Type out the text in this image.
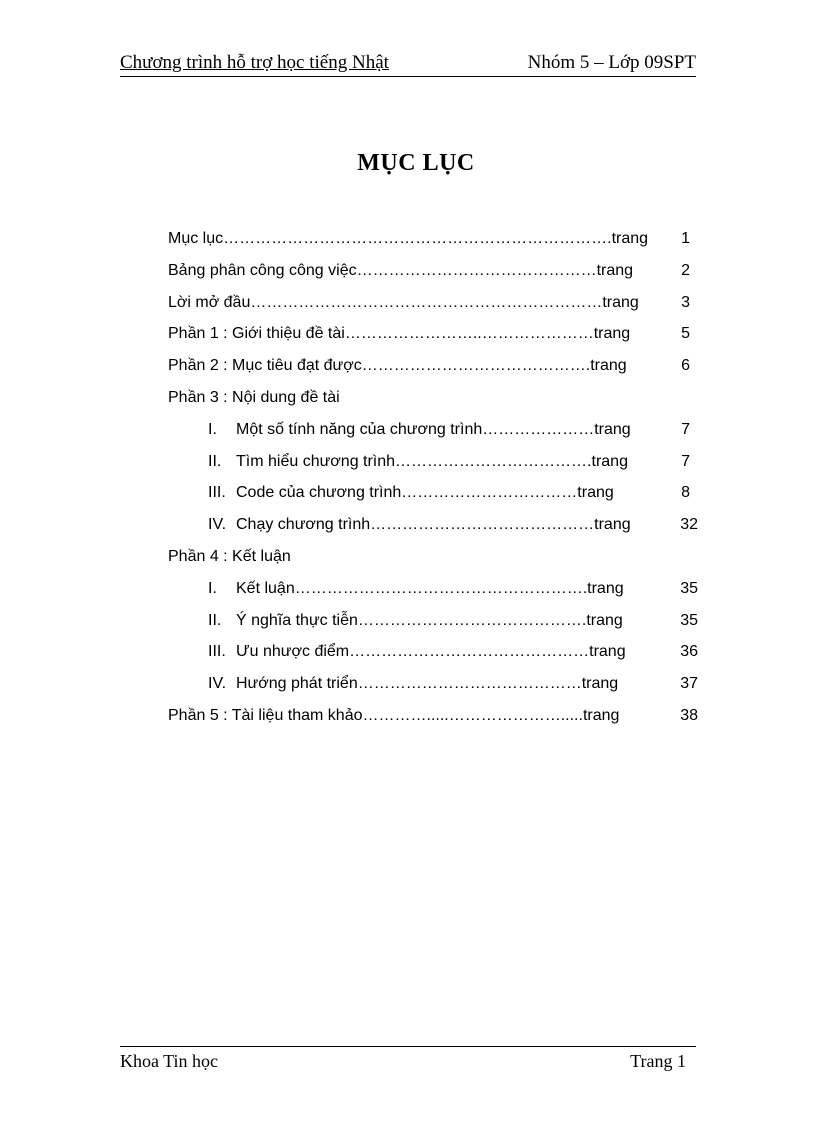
Chương trình hỗ trợ học tiếng Nhật	Nhóm 5 – Lớp 09SPT
MỤC LỤC
Mục lục……………………………………………………………….trang	1
Bảng phân công công việc………………………………………trang	2
Lời mở đầu…………………………………………………………trang	3
Phần 1 : Giới thiệu đề tài……………………..…………………trang	5
Phần 2 : Mục tiêu đạt được…………………………………….trang	6
Phần 3 : Nội dung đề tài
I. Một số tính năng của chương trình…………………trang	7
II. Tìm hiểu chương trình……………………………….trang	7
III. Code của chương trình……………………………trang	8
IV. Chạy chương trình……………………………………trang	32
Phần 4 : Kết luận
I. Kết luận……………………………………………….trang	35
II. Ý nghĩa thực tiễn…………………………………….trang	35
III. Ưu nhược điểm………………………………………trang	36
IV. Hướng phát triển……………………………………trang	37
Phần 5 : Tài liệu tham khảo………….....………………….....trang	38
Khoa Tin học	Trang 1
